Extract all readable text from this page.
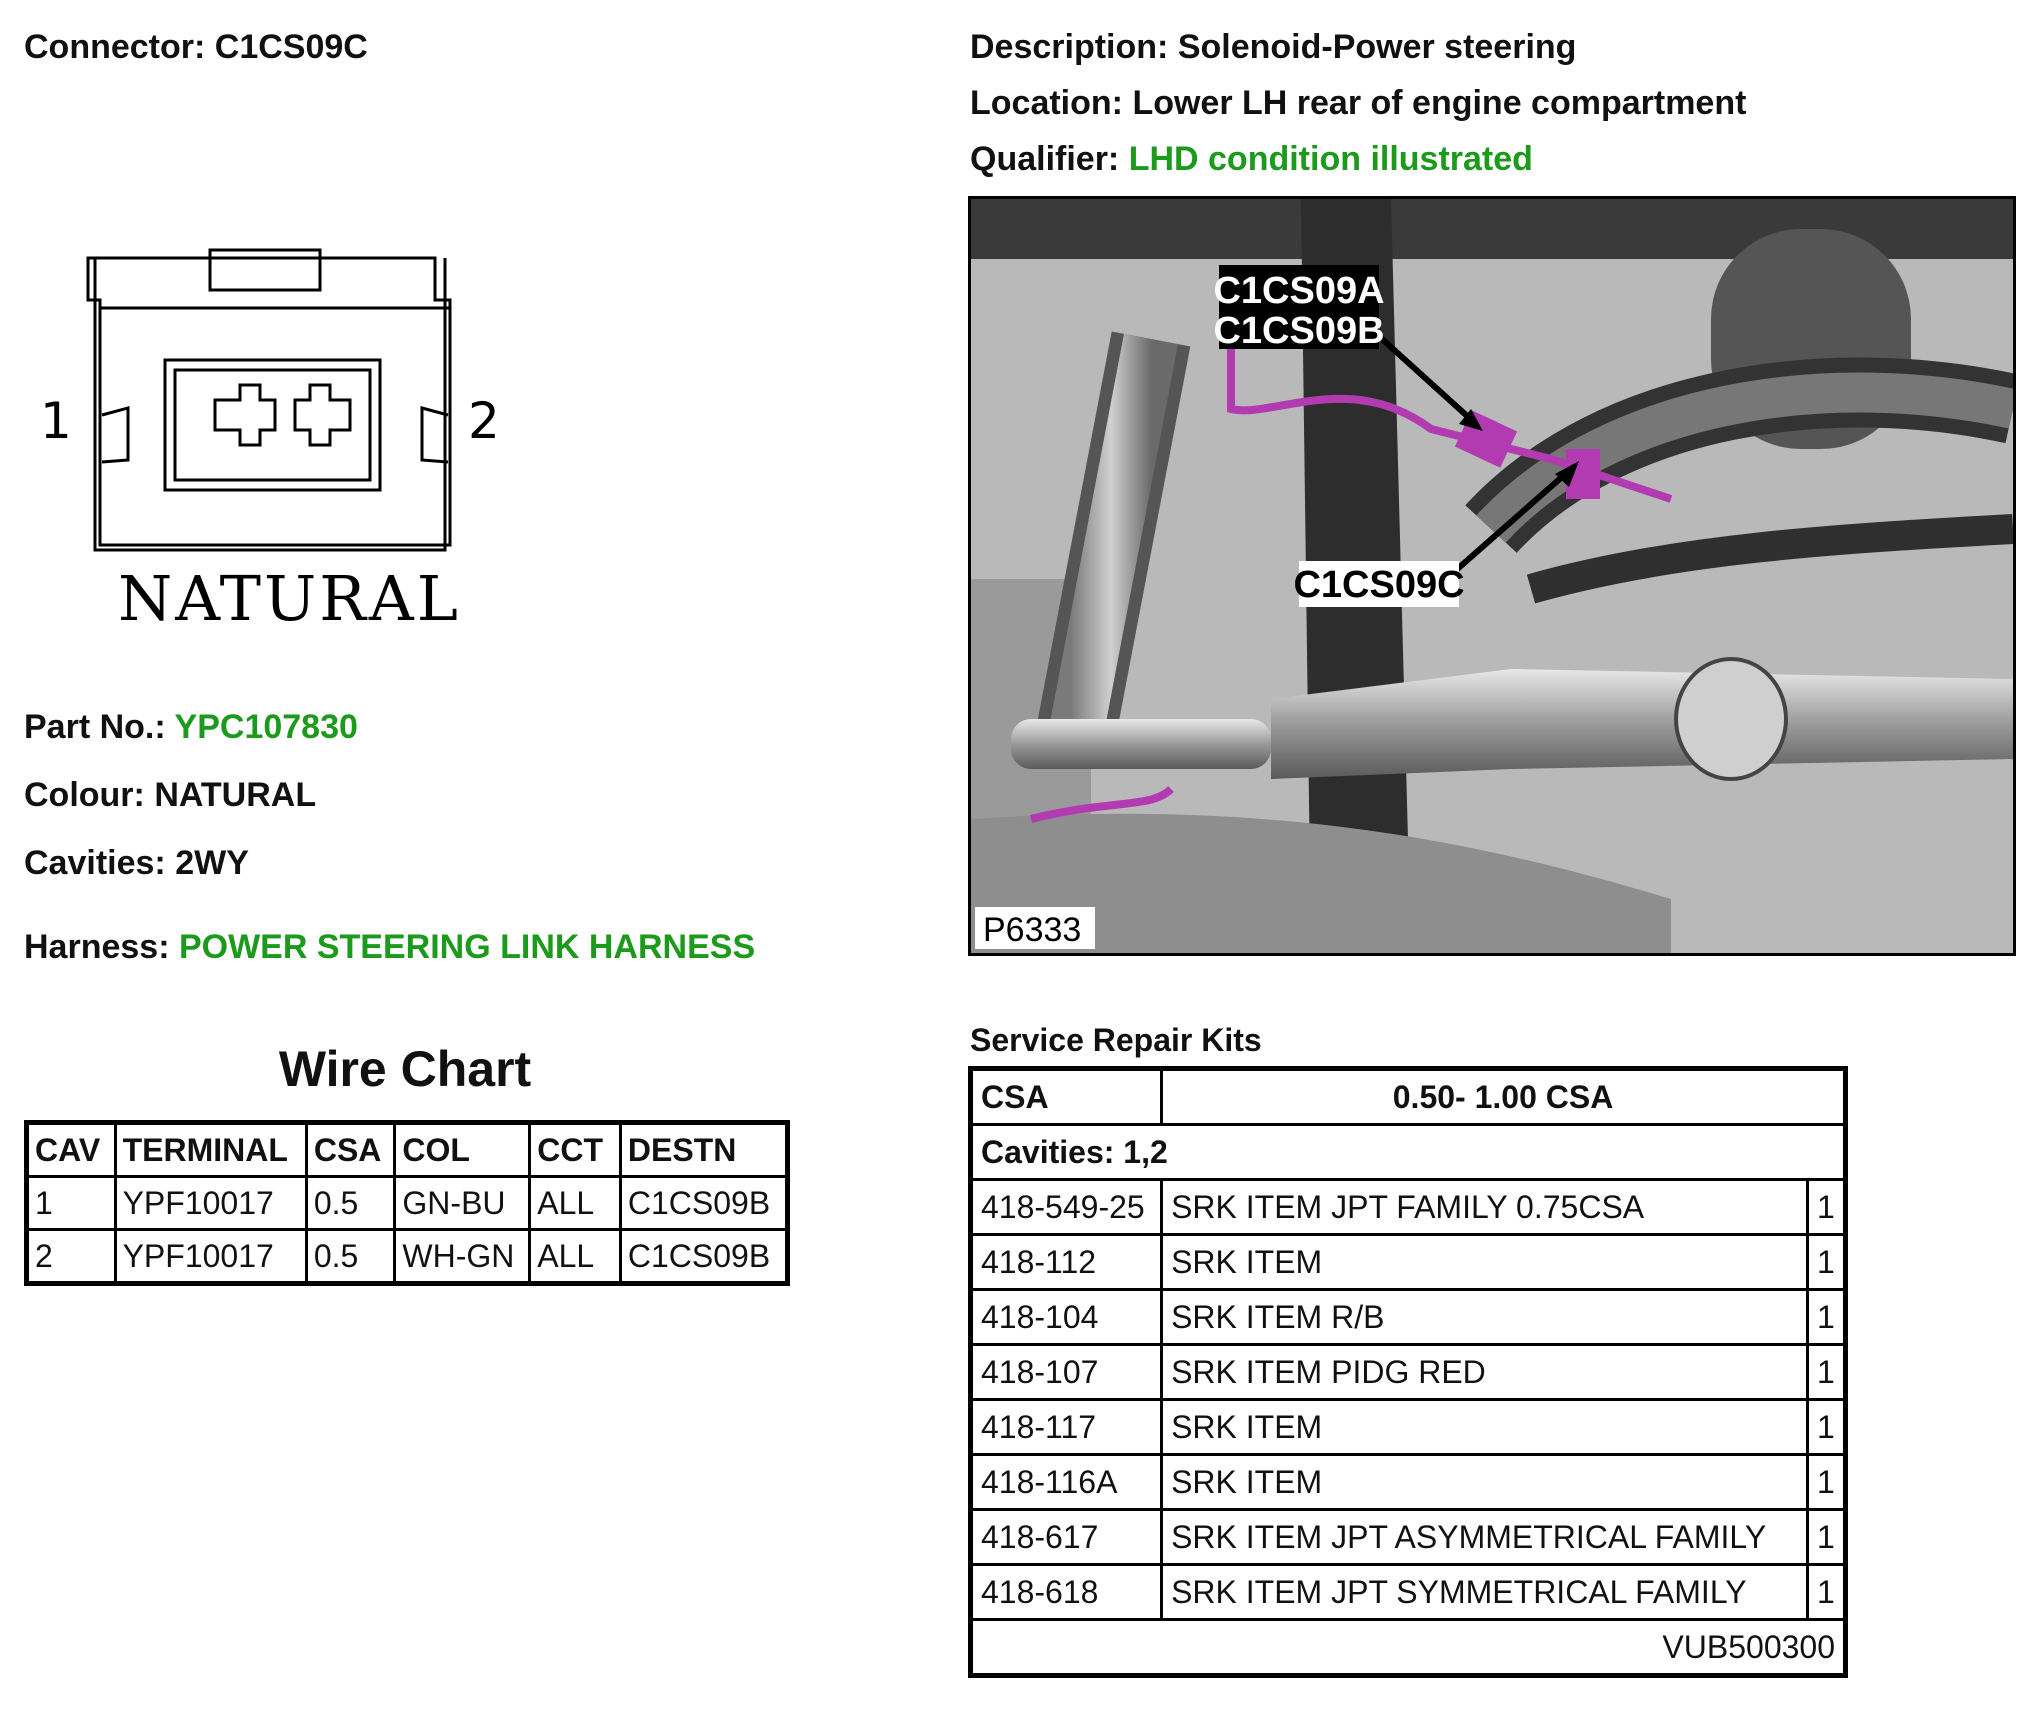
Connector: C1CS09C	Description: Solenoid-Power steering
Location: Lower LH rear of engine compartment
Qualifier: LHD condition illustrated
1	2
NATURAL
Part No.: YPC107830
Colour: NATURAL
Cavities: 2WY
Harness: POWER STEERING LINK HARNESS
Wire Chart
CAV	TERMINAL	CSA	COL	CCT	DESTN
1	YPF10017	0.5	GN-BU	ALL	C1CS09B
2	YPF10017	0.5	WH-GN	ALL	C1CS09B
C1CS09A
C1CS09B
C1CS09C
P6333
Service Repair Kits
CSA	0.50- 1.00 CSA	
Cavities: 1,2		
418-549-25	SRK ITEM JPT FAMILY 0.75CSA	1
418-112	SRK ITEM	1
418-104	SRK ITEM R/B	1
418-107	SRK ITEM PIDG RED	1
418-117	SRK ITEM	1
418-116A	SRK ITEM	1
418-617	SRK ITEM JPT ASYMMETRICAL FAMILY	1
418-618	SRK ITEM JPT SYMMETRICAL FAMILY	1
VUB500300		
